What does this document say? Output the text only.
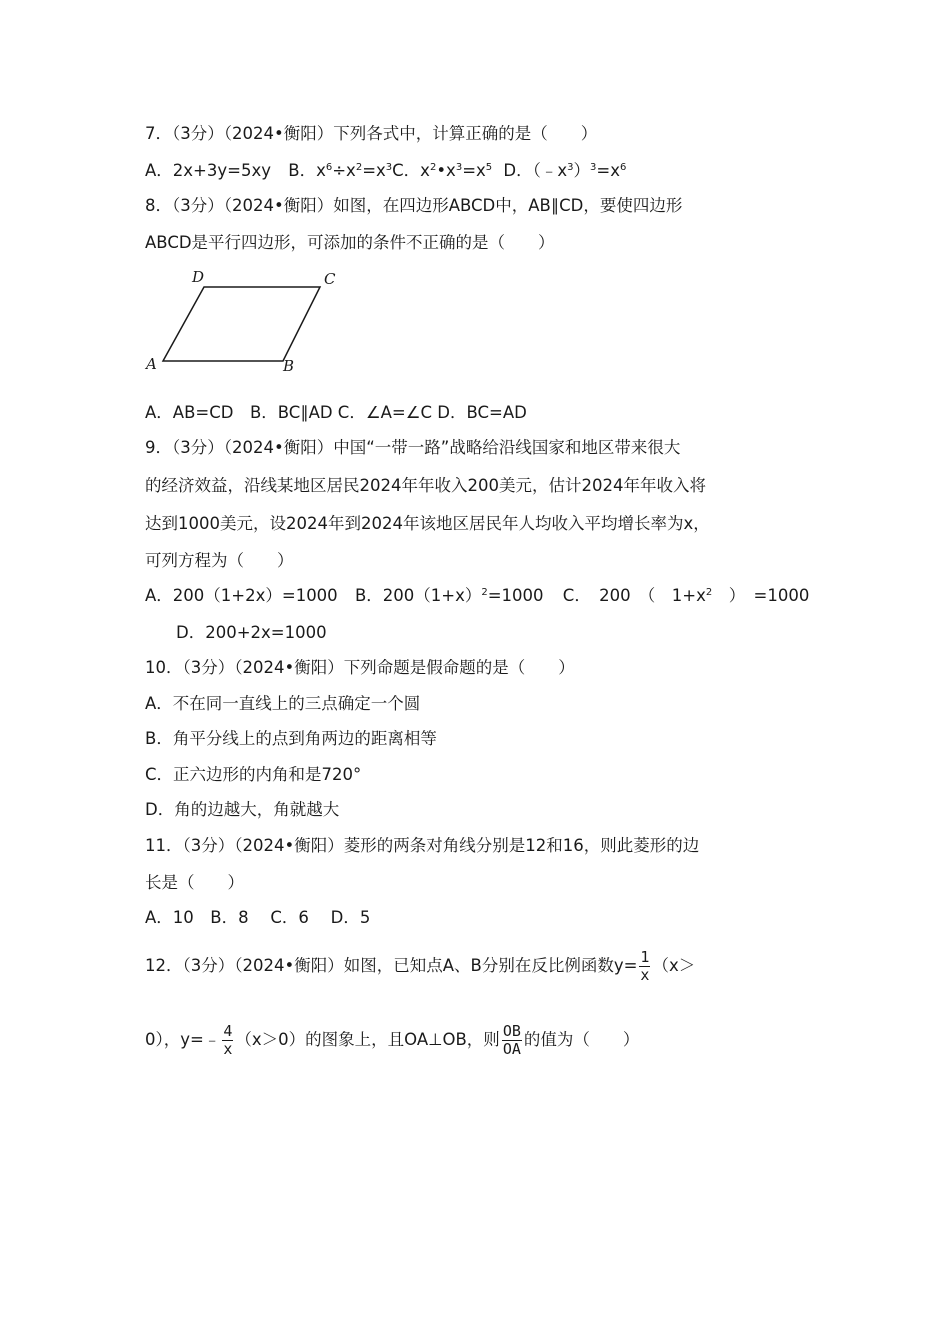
7．（3分）（2024•衡阳）下列各式中，计算正确的是（　　）
A．2x+3y=5xy B．$x^6\div x^2=x^3C$．$x^2•x^3=x^5$ D．$(﹣x^3)^3=x^6$
8．（3分）（2024•衡阳）如图，在四边形ABCD中，AB∥CD，要使四边形
ABCD是平行四边形，可添加的条件不正确的是（　　）
D	C
A	B
A．AB=CD　B．BC∥AD C．∠A=∠C D．BC=AD
9．（3分）（2024•衡阳）中国“一带一路”战略给沿线国家和地区带来很大
的经济效益，沿线某地区居民2024年年收入200美元，估计2024年年收入将
达到1000美元，设2024年到2024年该地区居民年人均收入平均增长率为x，
可列方程为（　　）
A．200（1+2x）=1000 B．$200(1+x)^2=1000$ C．　200　（　$1+x^2$　）　=1000
D．200+2x=1000
10．（3分）（2024•衡阳）下列命题是假命题的是（　　）
A．不在同一直线上的三点确定一个圆
B．角平分线上的点到角两边的距离相等
C．正六边形的内角和是720°
D．角的边越大，角就越大
11．（3分）（2024•衡阳）菱形的两条对角线分别是12和16，则此菱形的边
长是（　　）
A．10　B．8　 C．6　 D．5
12．（3分）（2024•衡阳）如图，已知点A、B分别在反比例函数$y= \frac{1}{x} (x>$
0），y=﹣ $\frac{4}{x} (x>0)$的图象上，且OA⊥OB，则 $\frac{OB}{OA}$ 的值为（　　）
